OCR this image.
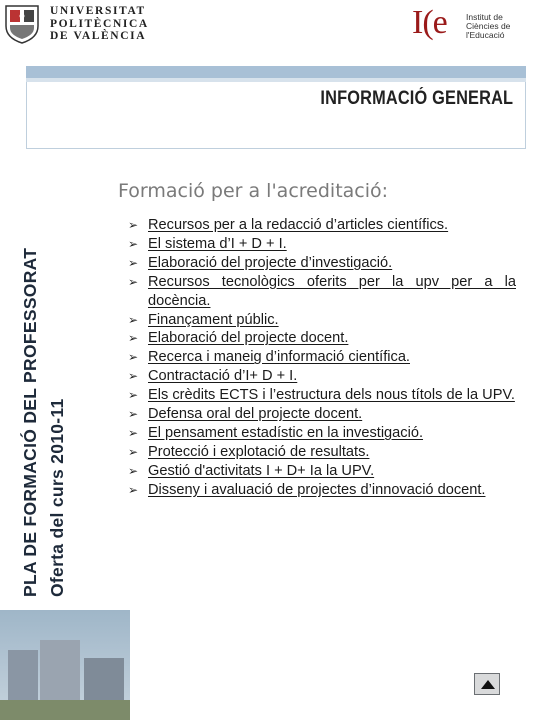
UNIVERSITAT
POLITÈCNICA
DE VALÈNCIA	I(e Institut de
Ciències de
l'Educació
INFORMACIÓ GENERAL
PLA DE FORMACIÓ DEL PROFESSORAT Oferta del curs 2010-11
Formació per a l'acreditació:
➢ Recursos per a la redacció d’articles científics.
➢ El sistema d’I + D + I.
➢ Elaboració del projecte d’investigació.
➢ Recursos tecnològics oferits per la upv per a la docència.
➢ Finançament públic.
➢ Elaboració del projecte docent.
➢ Recerca i maneig d’informació científica.
➢ Contractació d’I+ D + I.
➢ Els crèdits ECTS i l’estructura dels nous títols de la UPV.
➢ Defensa oral del projecte docent.
➢ El pensament estadístic en la investigació.
➢ Protecció i explotació de resultats.
➢ Gestió d'activitats I + D+ Ia la UPV.
➢ Disseny i avaluació de projectes d’innovació docent.
